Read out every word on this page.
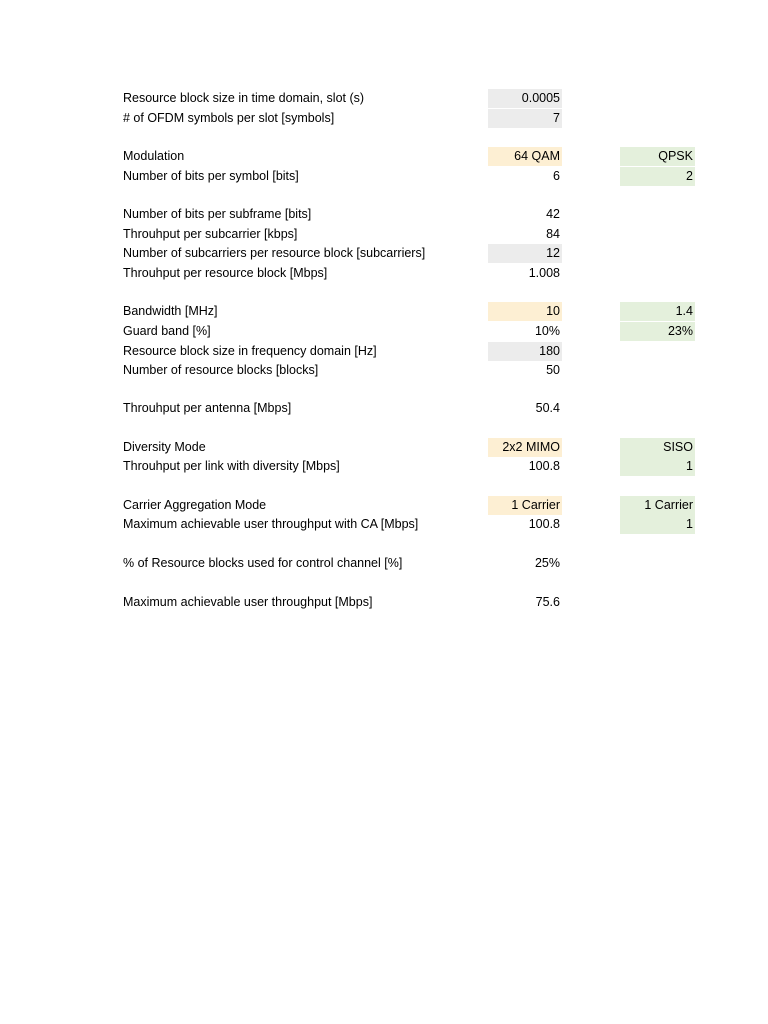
Resource block size in time domain, slot (s)	0.0005
# of OFDM symbols per slot [symbols]	7
Modulation	64 QAM	QPSK
Number of bits per symbol [bits]	6	2
Number of bits per subframe [bits]	42
Throuhput per subcarrier [kbps]	84
Number of subcarriers per resource block [subcarriers]	12
Throuhput per resource block [Mbps]	1.008
Bandwidth [MHz]	10	1.4
Guard band [%]	10%	23%
Resource block size in frequency domain [Hz]	180
Number of resource blocks [blocks]	50
Throuhput per antenna [Mbps]	50.4
Diversity Mode	2x2 MIMO	SISO
Throuhput per link with diversity [Mbps]	100.8	1
Carrier Aggregation Mode	1 Carrier	1 Carrier
Maximum achievable user throughput with CA [Mbps]	100.8	1
% of Resource blocks used for control channel [%]	25%
Maximum achievable user throughput [Mbps]	75.6
